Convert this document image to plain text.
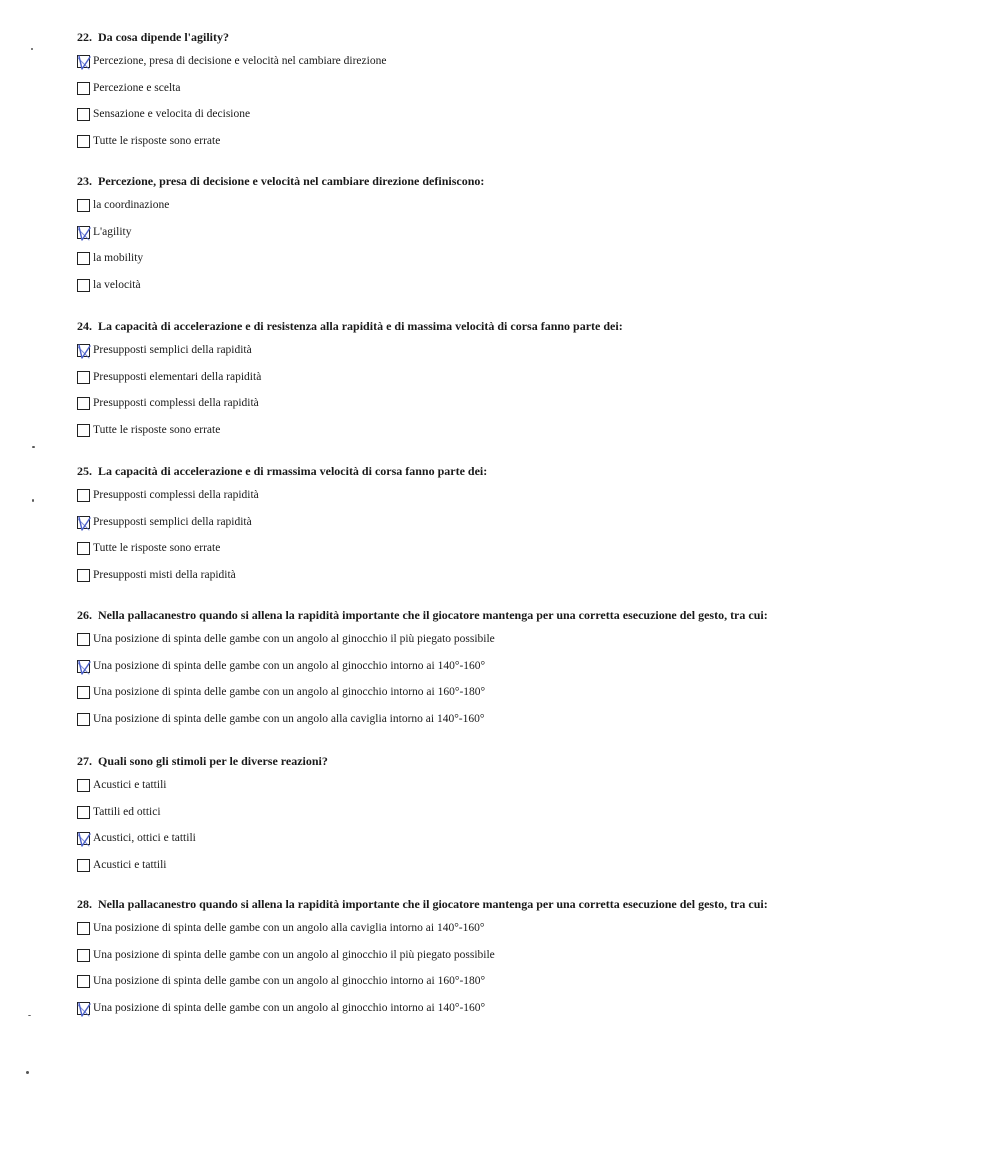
22. Da cosa dipende l'agility?
Percezione, presa di decisione e velocità nel cambiare direzione
Percezione e scelta
Sensazione e velocita di decisione
Tutte le risposte sono errate
23. Percezione, presa di decisione e velocità nel cambiare direzione definiscono:
la coordinazione
L'agility
la mobility
la velocità
24. La capacità di accelerazione e di resistenza alla rapidità e di massima velocità di corsa fanno parte dei:
Presupposti semplici della rapidità
Presupposti elementari della rapidità
Presupposti complessi della rapidità
Tutte le risposte sono errate
25. La capacità di accelerazione e di rmassima velocità di corsa fanno parte dei:
Presupposti complessi della rapidità
Presupposti semplici della rapidità
Tutte le risposte sono errate
Presupposti misti della rapidità
26. Nella pallacanestro quando si allena la rapidità importante che il giocatore mantenga per una corretta esecuzione del gesto, tra cui:
Una posizione di spinta delle gambe con un angolo al ginocchio il più piegato possibile
Una posizione di spinta delle gambe con un angolo al ginocchio intorno ai 140°-160°
Una posizione di spinta delle gambe con un angolo al ginocchio intorno ai 160°-180°
Una posizione di spinta delle gambe con un angolo alla caviglia intorno ai 140°-160°
27. Quali sono gli stimoli per le diverse reazioni?
Acustici e tattili
Tattili ed ottici
Acustici, ottici e tattili
Acustici e tattili
28. Nella pallacanestro quando si allena la rapidità importante che il giocatore mantenga per una corretta esecuzione del gesto, tra cui:
Una posizione di spinta delle gambe con un angolo alla caviglia intorno ai 140°-160°
Una posizione di spinta delle gambe con un angolo al ginocchio il più piegato possibile
Una posizione di spinta delle gambe con un angolo al ginocchio intorno ai 160°-180°
Una posizione di spinta delle gambe con un angolo al ginocchio intorno ai 140°-160°
